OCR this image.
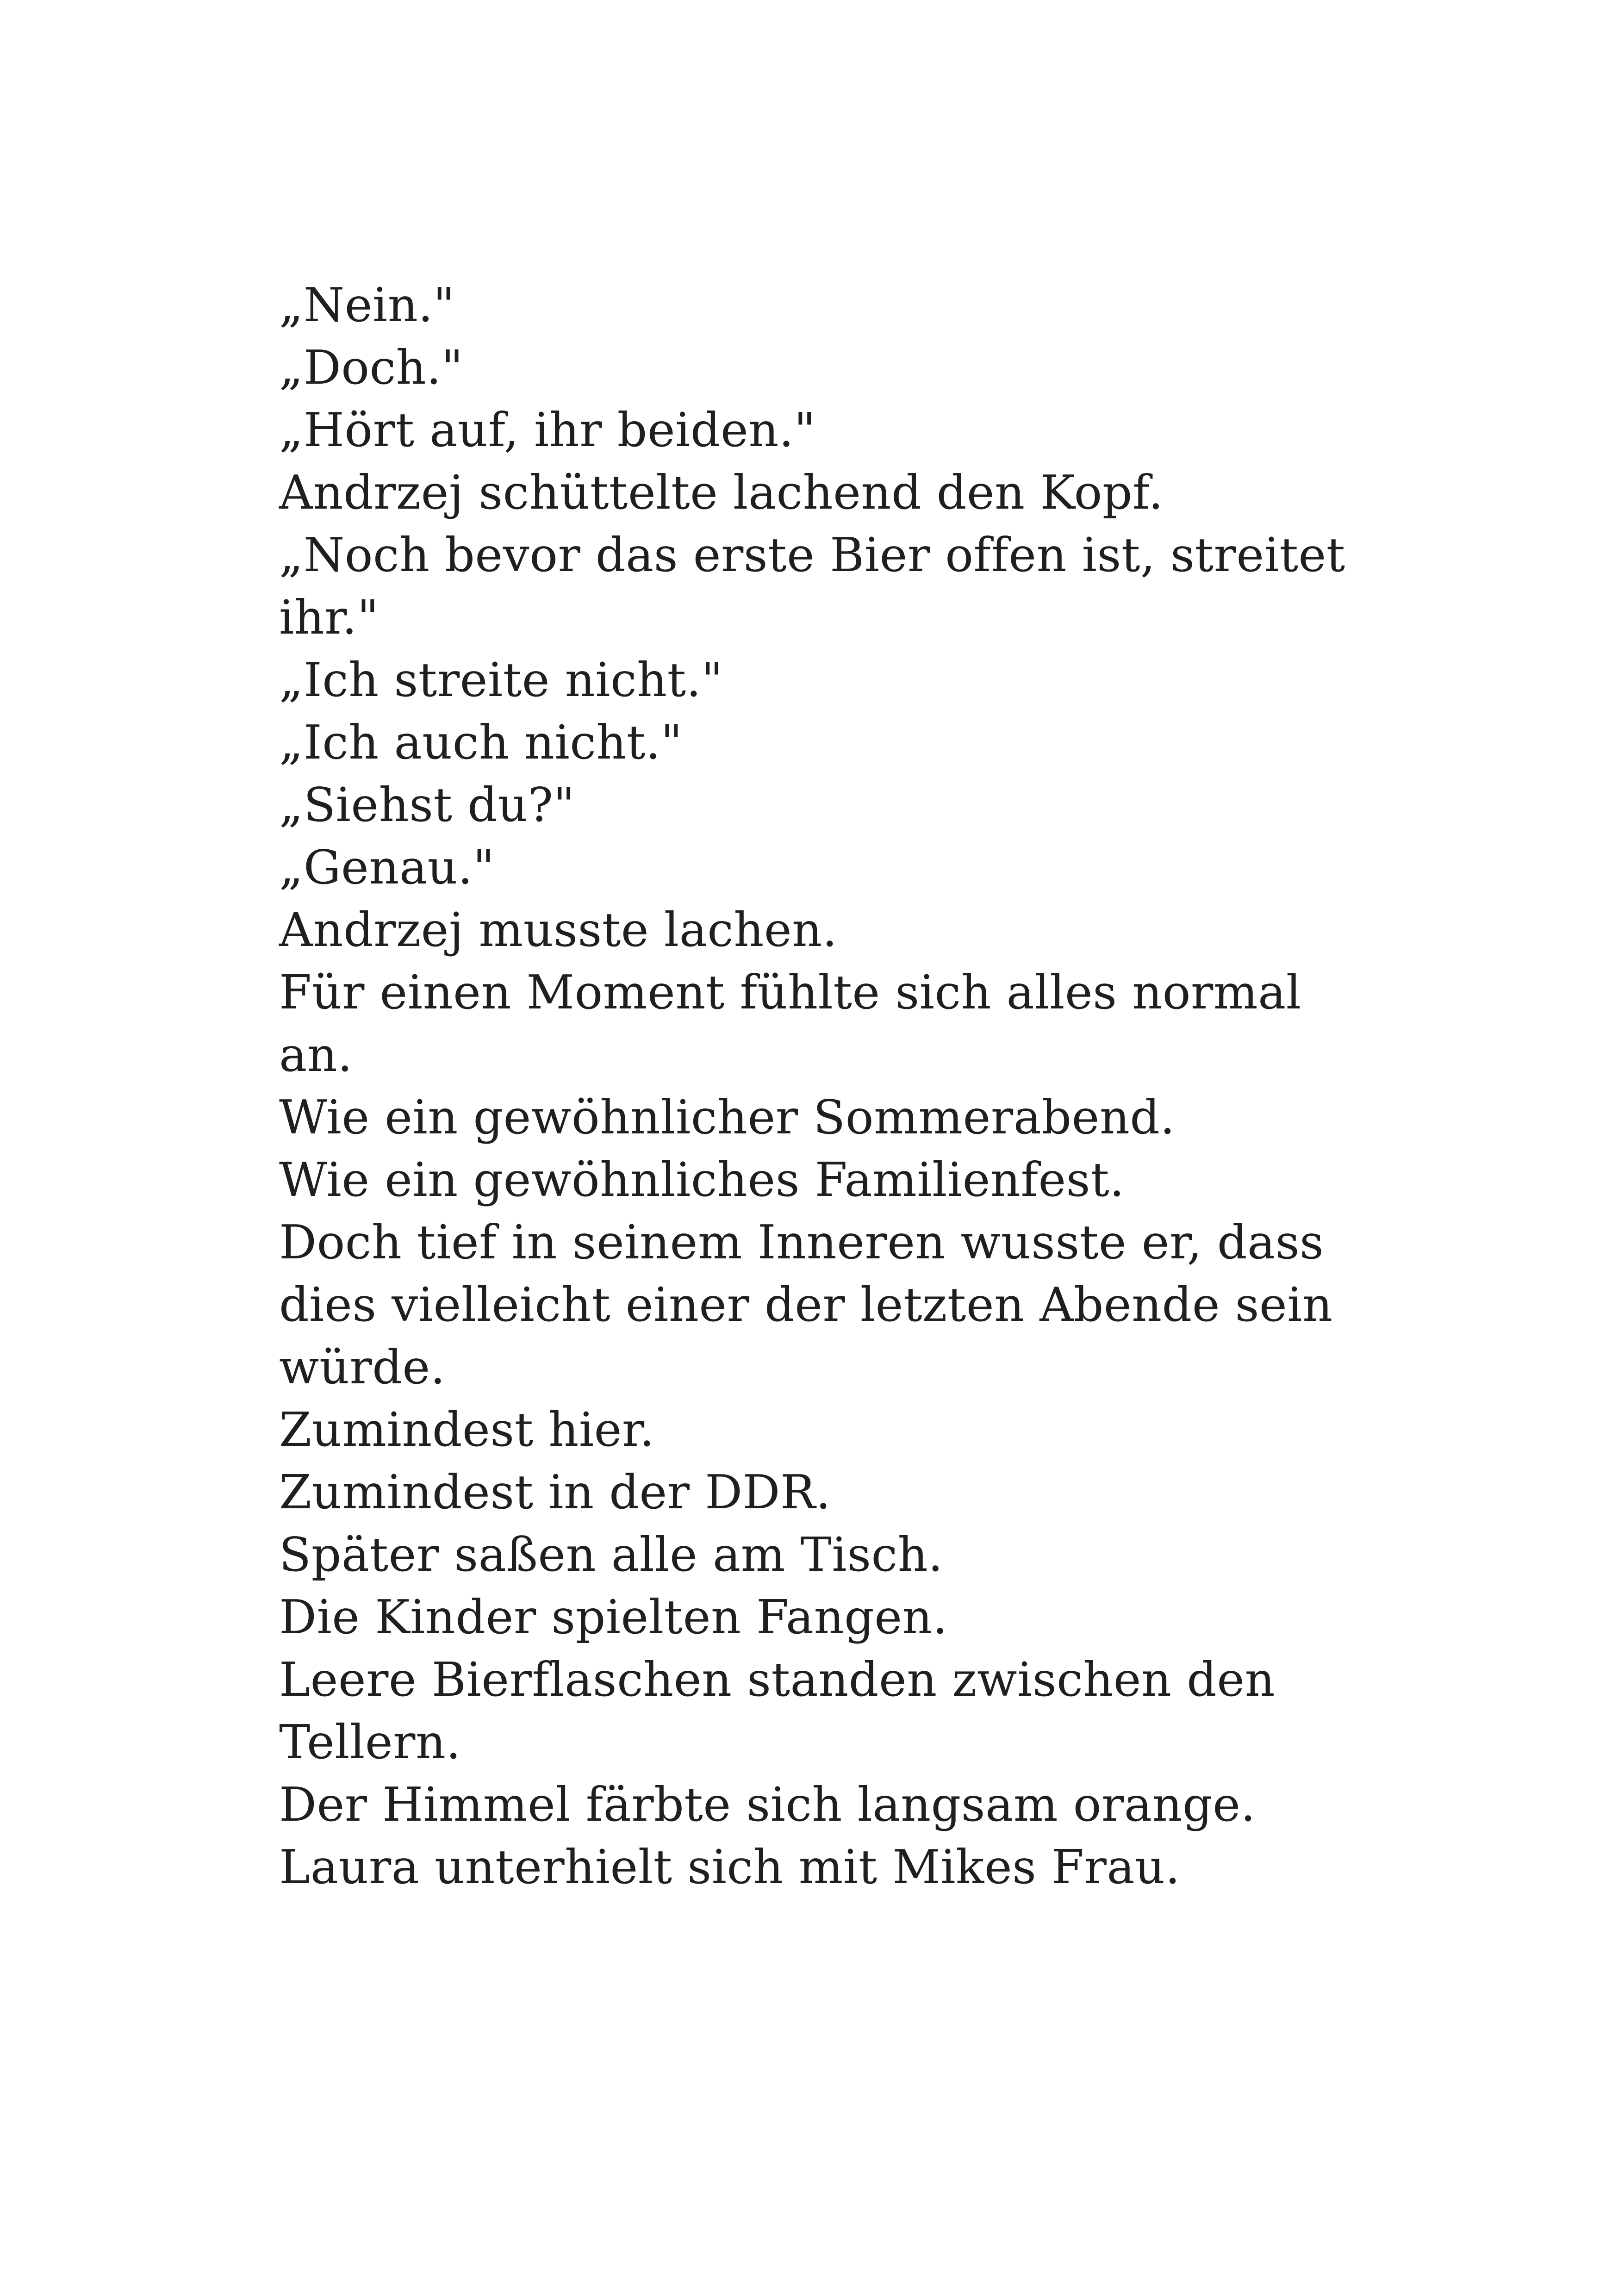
„Nein."
„Doch."
„Hört auf, ihr beiden."
Andrzej schüttelte lachend den Kopf.
„Noch bevor das erste Bier offen ist, streitet
ihr."
„Ich streite nicht."
„Ich auch nicht."
„Siehst du?"
„Genau."
Andrzej musste lachen.
Für einen Moment fühlte sich alles normal
an.
Wie ein gewöhnlicher Sommerabend.
Wie ein gewöhnliches Familienfest.
Doch tief in seinem Inneren wusste er, dass
dies vielleicht einer der letzten Abende sein
würde.
Zumindest hier.
Zumindest in der DDR.
Später saßen alle am Tisch.
Die Kinder spielten Fangen.
Leere Bierflaschen standen zwischen den
Tellern.
Der Himmel färbte sich langsam orange.
Laura unterhielt sich mit Mikes Frau.
